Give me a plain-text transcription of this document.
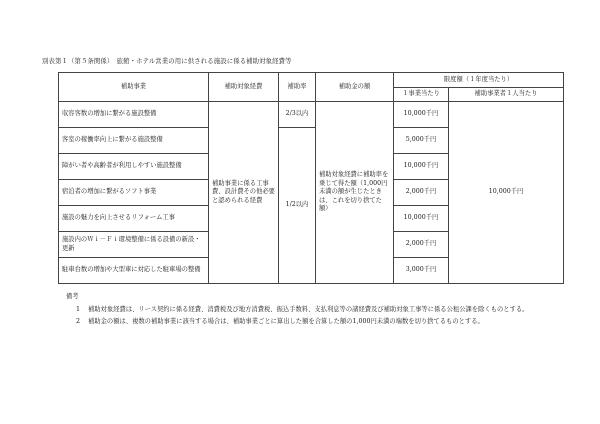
別表第１（第５条関係）　旅館・ホテル営業の用に供される施設に係る補助対象経費等
補助事業	補助対象経費	補助率	補助金の額	限度額（１年度当たり）	
				１事業当たり	補助事業者１人当たり
収容客数の増加に繋がる施設整備	補助事業に係る工事費、設計費その他必要と認められる経費	2/3以内	補助対象経費に補助率を乗じて得た額（1,000円未満の額が生じたときは、これを切り捨てた額）	10,000千円	10,000千円
客室の稼働率向上に繋がる施設整備		1/2以内		5,000千円	
障がい者や高齢者が利用しやすい施設整備				10,000千円	
宿泊者の増加に繋がるソフト事業				2,000千円	
施設の魅力を向上させるリフォーム工事				10,000千円	
施設内のＷｉ－Ｆｉ環境整備に係る設備の新設・更新				2,000千円	
駐車台数の増加や大型車に対応した駐車場の整備				3,000千円	
備考
1	補助対象経費は、リース契約に係る経費、消費税及び地方消費税、振込手数料、支払利息等の諸経費及び補助対象工事等に係る公租公課を除くものとする。
2	補助金の額は、複数の補助事業に該当する場合は、補助事業ごとに算出した額を合算した額の1,000円未満の端数を切り捨てるものとする。
